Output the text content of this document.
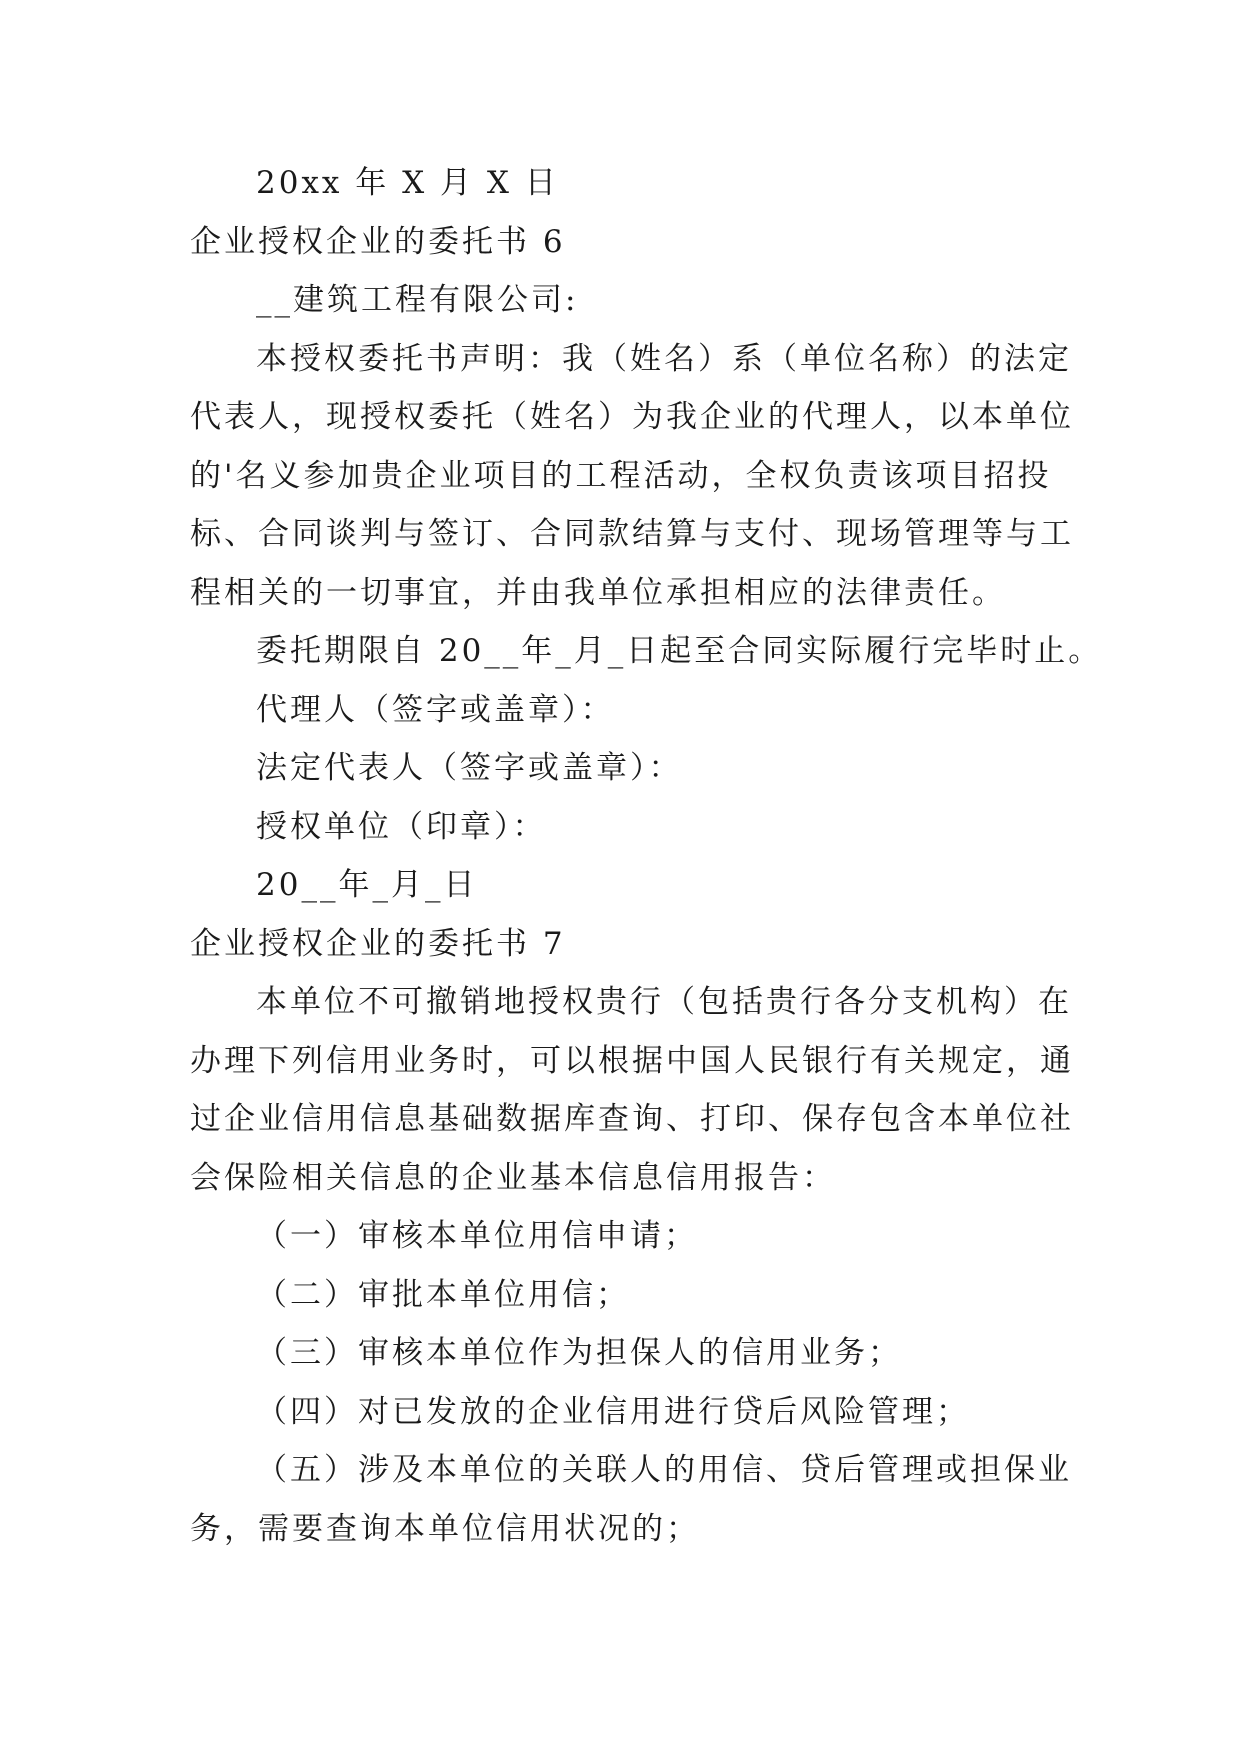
20xx 年 X 月 X 日
企业授权企业的委托书 6
__建筑工程有限公司:
本授权委托书声明：我（姓名）系（单位名称）的法定
代表人，现授权委托（姓名）为我企业的代理人，以本单位
的'名义参加贵企业项目的工程活动，全权负责该项目招投
标、合同谈判与签订、合同款结算与支付、现场管理等与工
程相关的一切事宜，并由我单位承担相应的法律责任。
委托期限自 20__年_月_日起至合同实际履行完毕时止。
代理人（签字或盖章）：
法定代表人（签字或盖章）：
授权单位（印章）：
20__年_月_日
企业授权企业的委托书 7
本单位不可撤销地授权贵行（包括贵行各分支机构）在
办理下列信用业务时，可以根据中国人民银行有关规定，通
过企业信用信息基础数据库查询、打印、保存包含本单位社
会保险相关信息的企业基本信息信用报告：
（一）审核本单位用信申请；
（二）审批本单位用信；
（三）审核本单位作为担保人的信用业务；
（四）对已发放的企业信用进行贷后风险管理；
（五）涉及本单位的关联人的用信、贷后管理或担保业
务，需要查询本单位信用状况的；
